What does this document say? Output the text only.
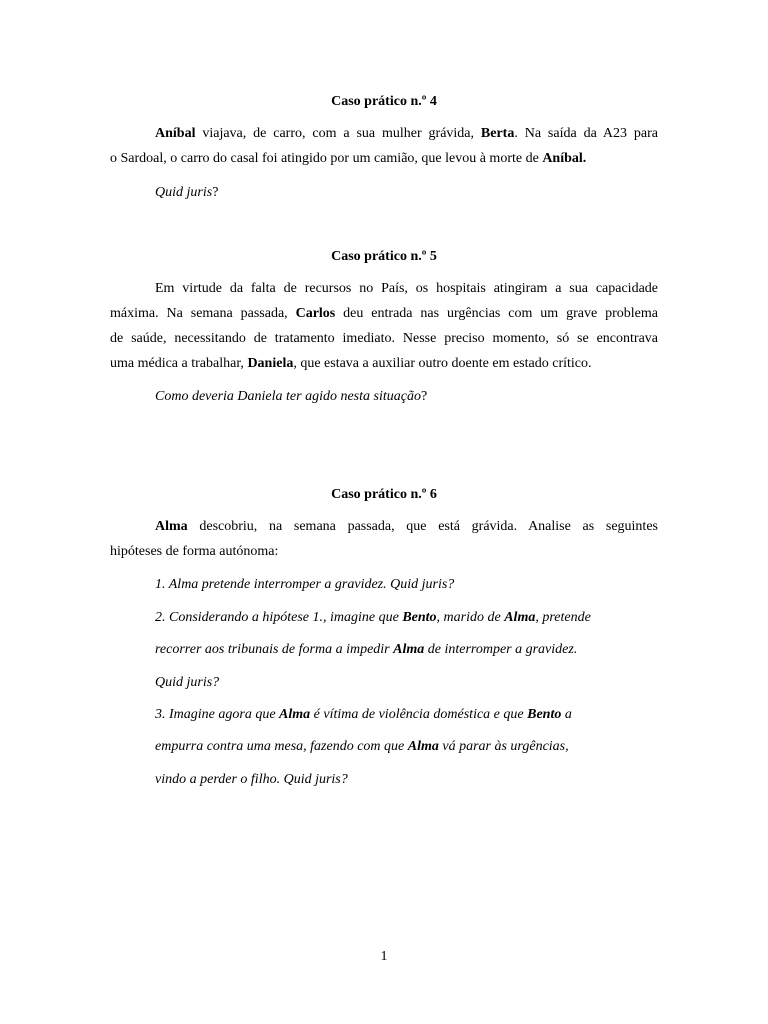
Caso prático n.º 4

Aníbal viajava, de carro, com a sua mulher grávida, Berta. Na saída da A23 para

o Sardoal, o carro do casal foi atingido por um camião, que levou à morte de Aníbal.

Quid juris?

Caso prático n.º 5

Em virtude da falta de recursos no País, os hospitais atingiram a sua capacidade

máxima. Na semana passada, Carlos deu entrada nas urgências com um grave problema

de saúde, necessitando de tratamento imediato. Nesse preciso momento, só se encontrava

uma médica a trabalhar, Daniela, que estava a auxiliar outro doente em estado crítico.

Como deveria Daniela ter agido nesta situação?

Caso prático n.º 6

Alma descobriu, na semana passada, que está grávida. Analise as seguintes

hipóteses de forma autónoma:

1. Alma pretende interromper a gravidez. Quid juris?

2. Considerando a hipótese 1., imagine que Bento, marido de Alma, pretende

recorrer aos tribunais de forma a impedir Alma de interromper a gravidez.

Quid juris?

3. Imagine agora que Alma é vítima de violência doméstica e que Bento a

empurra contra uma mesa, fazendo com que Alma vá parar às urgências,

vindo a perder o filho. Quid juris?

1
